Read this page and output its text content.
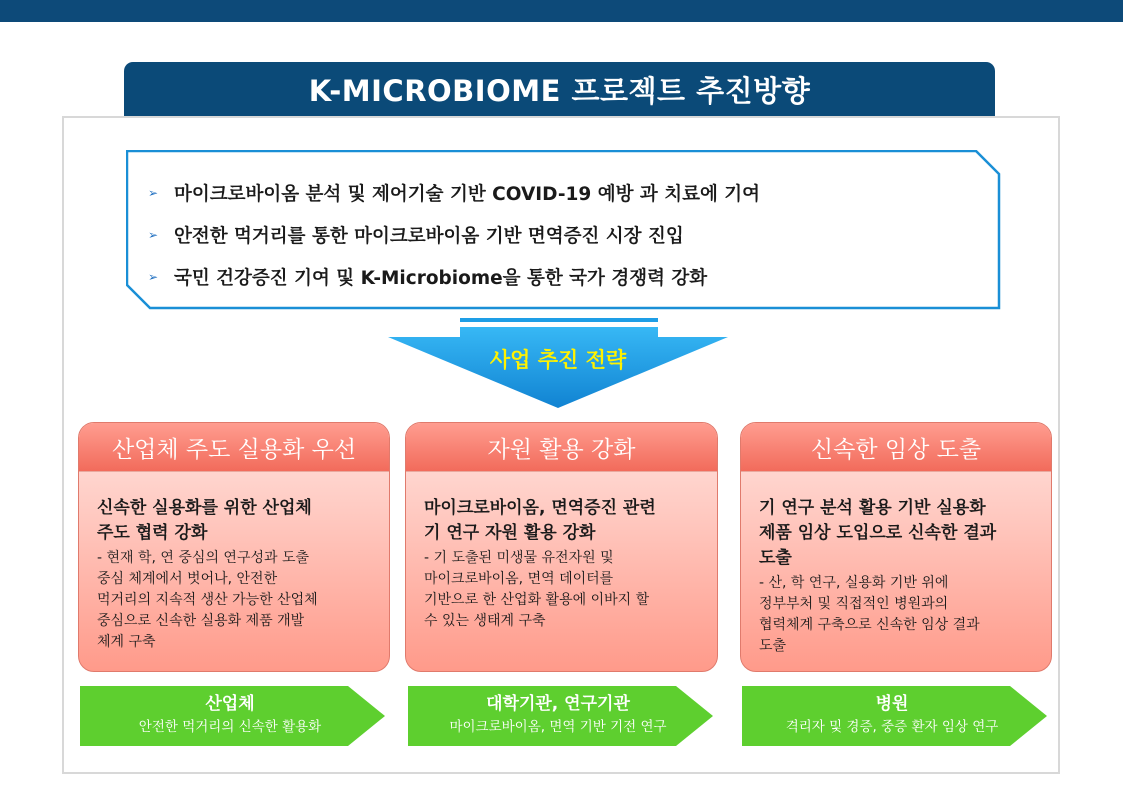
K-MICROBIOME 프로젝트 추진방향
➢ 마이크로바이옴 분석 및 제어기술 기반 COVID-19 예방 과 치료에 기여
➢ 안전한 먹거리를 통한 마이크로바이옴 기반 면역증진 시장 진입
➢ 국민 건강증진 기여 및 K-Microbiome을 통한 국가 경쟁력 강화
사업 추진 전략
산업체 주도 실용화 우선

신속한 실용화를 위한 산업체
주도 협력 강화

- 현재 학, 연 중심의 연구성과 도출
중심 체계에서 벗어나, 안전한
먹거리의 지속적 생산 가능한 산업체
중심으로 신속한 실용화 제품 개발
체계 구축

자원 활용 강화

마이크로바이옴, 면역증진 관련
기 연구 자원 활용 강화

- 기 도출된 미생물 유전자원 및
마이크로바이옴, 면역 데이터를
기반으로 한 산업화 활용에 이바지 할
수 있는 생태계 구축

신속한 임상 도출

기 연구 분석 활용 기반 실용화
제품 임상 도입으로 신속한 결과
도출

- 산, 학 연구, 실용화 기반 위에
정부부처 및 직접적인 병원과의
협력체계 구축으로 신속한 임상 결과
도출

산업체
안전한 먹거리의 신속한 활용화
대학기관, 연구기관
마이크로바이옴, 면역 기반 기전 연구
병원
격리자 및 경증, 중증 환자 임상 연구
